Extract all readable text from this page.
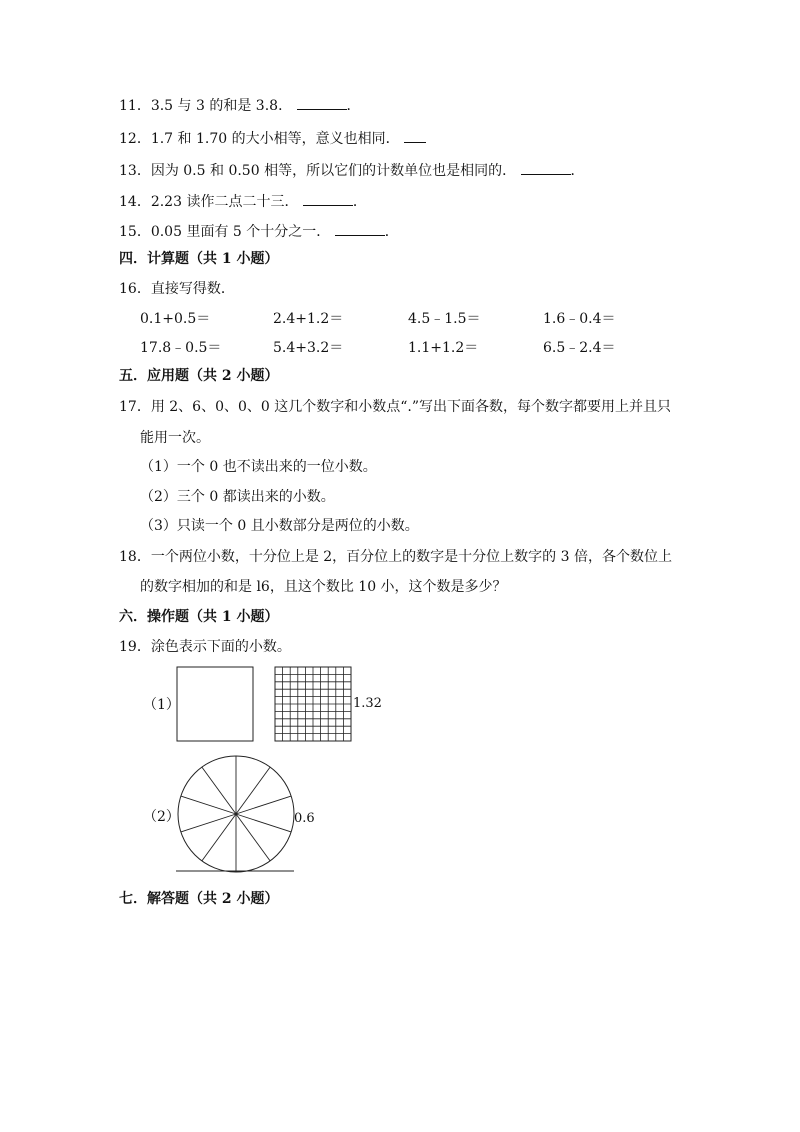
11．3.5 与 3 的和是 3.8．	．
12．1.7 和 1.70 的大小相等，意义也相同．
13．因为 0.5 和 0.50 相等，所以它们的计数单位也是相同的．	．
14．2.23 读作二点二十三．	．
15．0.05 里面有 5 个十分之一．	．
四．计算题（共 1 小题）
16．直接写得数．
0.1+0.5＝	2.4+1.2＝	4.5﹣1.5＝	1.6﹣0.4＝
17.8﹣0.5＝	5.4+3.2＝	1.1+1.2＝	6.5﹣2.4＝
五．应用题（共 2 小题）
17．用 2、6、0、0、0 这几个数字和小数点“.”写出下面各数，每个数字都要用上并且只
能用一次。
（1）一个 0 也不读出来的一位小数。
（2）三个 0 都读出来的小数。
（3）只读一个 0 且小数部分是两位的小数。
18．一个两位小数，十分位上是 2，百分位上的数字是十分位上数字的 3 倍，各个数位上
的数字相加的和是 l6，且这个数比 10 小，这个数是多少？
六．操作题（共 1 小题）
19．涂色表示下面的小数。
（1）	1.32
（2）	0.6
七．解答题（共 2 小题）
